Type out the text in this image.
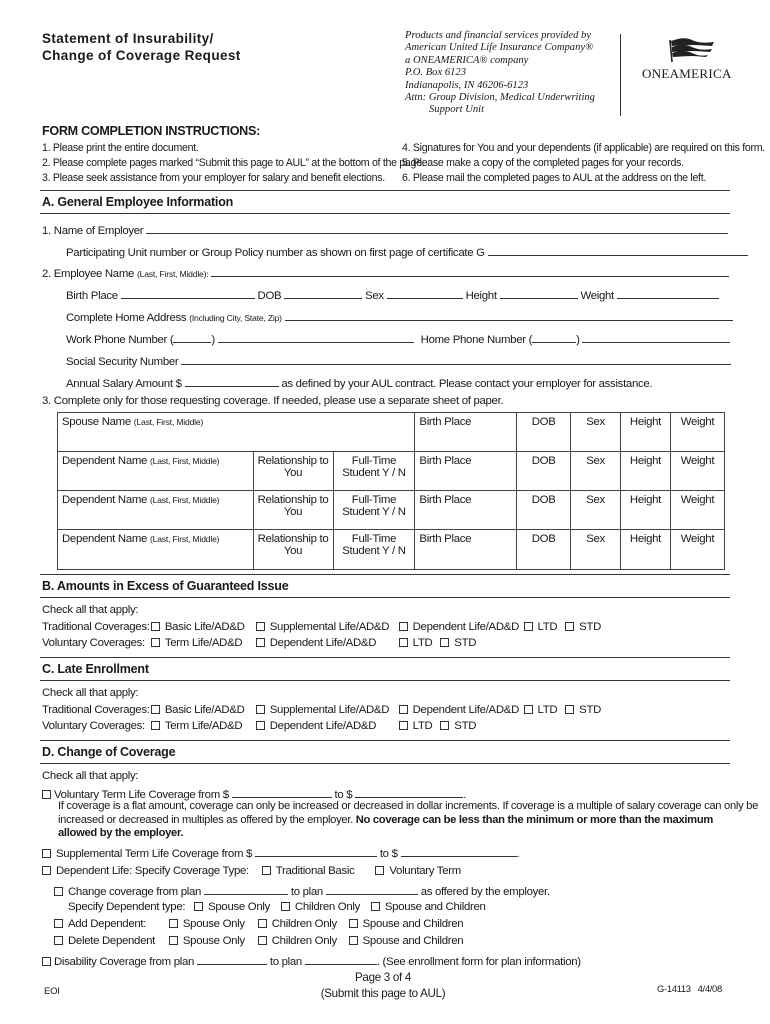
Statement of Insurability/
Change of Coverage Request
Products and financial services provided by
American United Life Insurance Company®
a ONEAMERICA® company
P.O. Box 6123
Indianapolis, IN 46206-6123
Attn: Group Division, Medical Underwriting
Support Unit
ONEAMERICA
FORM COMPLETION INSTRUCTIONS:
1. Please print the entire document.
2. Please complete pages marked “Submit this page to AUL” at the bottom of the page.
3. Please seek assistance from your employer for salary and benefit elections.
4. Signatures for You and your dependents (if applicable) are required on this form.
5. Please make a copy of the completed pages for your records.
6. Please mail the completed pages to AUL at the address on the left.
A. General Employee Information
1. Name of Employer
Participating Unit number or Group Policy number as shown on first page of certificate G
2. Employee Name (Last, First, Middle):
Birth Place	DOB	Sex	Height	Weight
Complete Home Address (Including City, State, Zip)
Work Phone Number (	)	Home Phone Number (	)
Social Security Number
Annual Salary Amount $	as defined by your AUL contract. Please contact your employer for assistance.
3. Complete only for those requesting coverage. If needed, please use a separate sheet of paper.
Spouse Name (Last, First, Middle)			Birth Place	DOB	Sex	Height	Weight
Dependent Name (Last, First, Middle)	Relationship to You	Full-Time Student Y / N	Birth Place	DOB	Sex	Height	Weight
Dependent Name (Last, First, Middle)	Relationship to You	Full-Time Student Y / N	Birth Place	DOB	Sex	Height	Weight
Dependent Name (Last, First, Middle)	Relationship to You	Full-Time Student Y / N	Birth Place	DOB	Sex	Height	Weight
B. Amounts in Excess of Guaranteed Issue
Check all that apply:
Traditional Coverages: Basic Life/AD&D Supplemental Life/AD&D Dependent Life/AD&D LTD STD
Voluntary Coverages: Term Life/AD&D Dependent Life/AD&D	LTD STD
C. Late Enrollment
Check all that apply:
Traditional Coverages: Basic Life/AD&D Supplemental Life/AD&D Dependent Life/AD&D LTD STD
Voluntary Coverages: Term Life/AD&D Dependent Life/AD&D	LTD STD
D. Change of Coverage
Check all that apply:
Voluntary Term Life Coverage from $	to $	.
If coverage is a flat amount, coverage can only be increased or decreased in dollar increments. If coverage is a multiple of salary coverage can only be
increased or decreased in multiples as offered by the employer. No coverage can be less than the minimum or more than the maximum
allowed by the employer.
Supplemental Term Life Coverage from $	to $	.
Dependent Life: Specify Coverage Type: Traditional Basic	Voluntary Term
Change coverage from plan	to plan	as offered by the employer.
Specify Dependent type: Spouse Only Children Only Spouse and Children
Add Dependent:	Spouse Only Children Only Spouse and Children
Delete Dependent Spouse Only Children Only Spouse and Children
Disability Coverage from plan	to plan	. (See enrollment form for plan information)
EOI
Page 3 of 4
(Submit this page to AUL)	G-14113 4/4/08
